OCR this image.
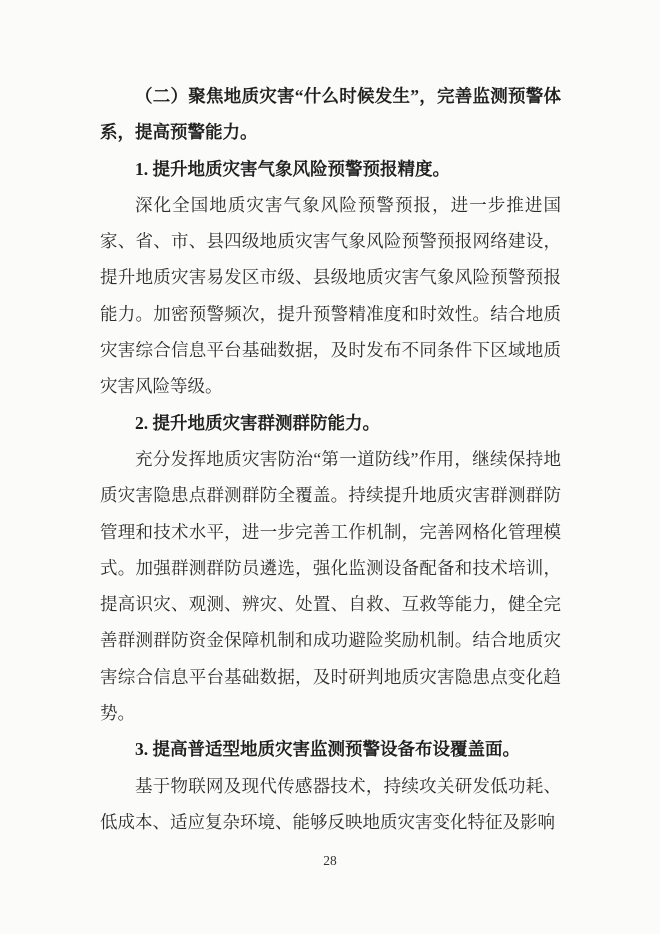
（二）聚焦地质灾害“什么时候发生”，完善监测预警体系，提高预警能力。

1. 提升地质灾害气象风险预警预报精度。

深化全国地质灾害气象风险预警预报，进一步推进国家、省、市、县四级地质灾害气象风险预警预报网络建设，提升地质灾害易发区市级、县级地质灾害气象风险预警预报能力。加密预警频次，提升预警精准度和时效性。结合地质灾害综合信息平台基础数据，及时发布不同条件下区域地质灾害风险等级。

2. 提升地质灾害群测群防能力。

充分发挥地质灾害防治“第一道防线”作用，继续保持地质灾害隐患点群测群防全覆盖。持续提升地质灾害群测群防管理和技术水平，进一步完善工作机制，完善网格化管理模式。加强群测群防员遴选，强化监测设备配备和技术培训，提高识灾、观测、辨灾、处置、自救、互救等能力，健全完善群测群防资金保障机制和成功避险奖励机制。结合地质灾害综合信息平台基础数据，及时研判地质灾害隐患点变化趋势。

3. 提高普适型地质灾害监测预警设备布设覆盖面。

基于物联网及现代传感器技术，持续攻关研发低功耗、低成本、适应复杂环境、能够反映地质灾害变化特征及影响

28
